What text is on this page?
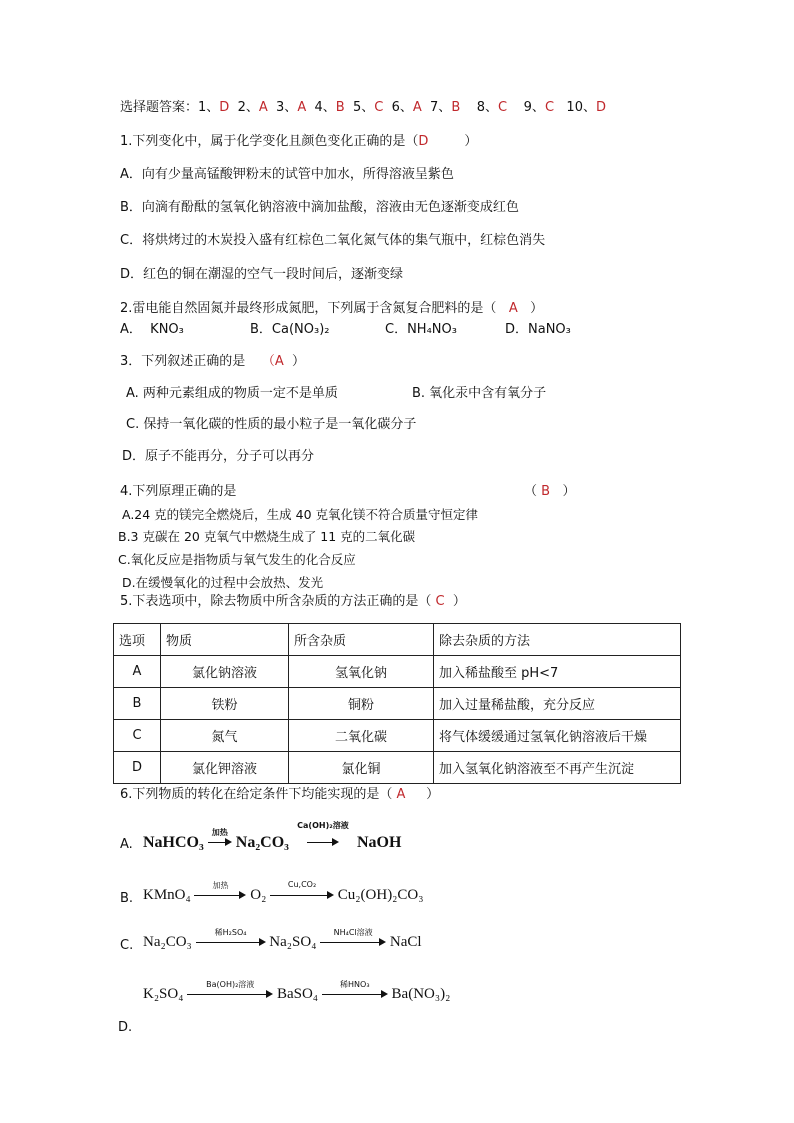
选择题答案：1、D 2、A 3、A 4、B 5、C 6、A 7、B 8、C 9、C 10、D
1.下列变化中，属于化学变化且颜色变化正确的是（D	）
A．向有少量高锰酸钾粉末的试管中加水，所得溶液呈紫色
B．向滴有酚酞的氢氧化钠溶液中滴加盐酸，溶液由无色逐渐变成红色
C．将烘烤过的木炭投入盛有红棕色二氧化氮气体的集气瓶中，红棕色消失
D．红色的铜在潮湿的空气一段时间后，逐渐变绿
2.雷电能自然固氮并最终形成氮肥，下列属于含氮复合肥料的是（ A ）
A． KNO₃	B．Ca(NO₃)₂	C．NH₄NO₃	D．NaNO₃
3．下列叙述正确的是 （A ）
A. 两种元素组成的物质一定不是单质	B. 氧化汞中含有氧分子
C. 保持一氧化碳的性质的最小粒子是一氧化碳分子
D．原子不能再分，分子可以再分
4.下列原理正确的是	（ B ）
A.24 克的镁完全燃烧后，生成 40 克氧化镁不符合质量守恒定律
B.3 克碳在 20 克氧气中燃烧生成了 11 克的二氧化碳
C.氧化反应是指物质与氧气发生的化合反应
D.在缓慢氧化的过程中会放热、发光
5.下表选项中，除去物质中所含杂质的方法正确的是（ C ）
选项	物质	所含杂质	除去杂质的方法
A	氯化钠溶液	氢氧化钠	加入稀盐酸至 pH<7
B	铁粉	铜粉	加入过量稀盐酸，充分反应
C	氮气	二氧化碳	将气体缓缓通过氢氧化钠溶液后干燥
D	氯化钾溶液	氯化铜	加入氢氧化钠溶液至不再产生沉淀
6.下列物质的转化在给定条件下均能实现的是（ A ）
A. NaHCO₃
加热
Na₂CO₃
Ca(OH)₂溶液
NaOH
B. KMnO₄
加热
O₂
Cu,CO₂
Cu₂(OH)₂CO₃
C. Na₂CO₃
稀H₂SO₄
Na₂SO₄
NH₄Cl溶液
NaCl
D.
K₂SO₄
Ba(OH)₂溶液
BaSO₄
稀HNO₃
Ba(NO₃)₂
